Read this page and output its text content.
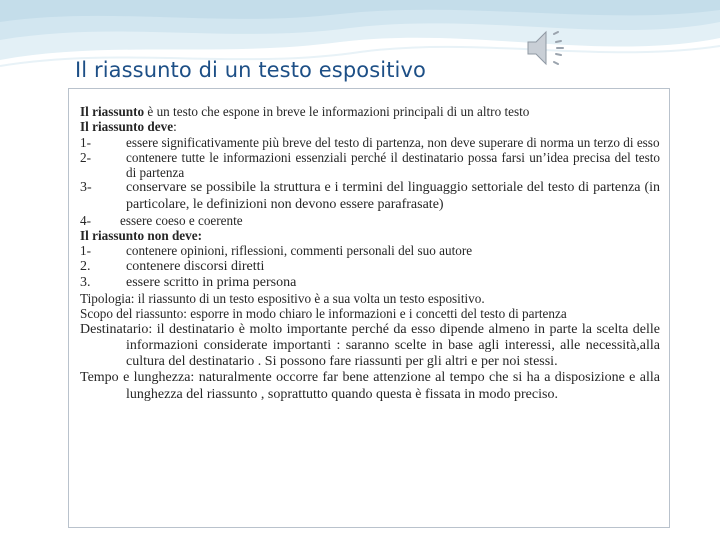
Il riassunto di un testo espositivo
Il riassunto è un testo che espone in breve le informazioni principali di un altro testo
Il riassunto deve:
1-	essere significativamente più breve del testo di partenza, non deve superare di norma un terzo di esso
2-	contenere tutte le informazioni essenziali perché il destinatario possa farsi un’idea precisa del testo di partenza
3- conservare se possibile la struttura e i termini del linguaggio settoriale del testo di partenza (in particolare, le definizioni non devono essere parafrasate)
4- essere coeso e coerente
Il riassunto non deve:
1-	contenere opinioni, riflessioni, commenti personali del suo autore
2.	contenere discorsi diretti
3.	essere scritto in prima persona
Tipologia: il riassunto di un testo espositivo è a sua volta un testo espositivo.
Scopo del riassunto: esporre in modo chiaro le informazioni e i concetti del testo di partenza
Destinatario: il destinatario è molto importante perché da esso dipende almeno in parte la scelta delle informazioni considerate importanti : saranno scelte in base agli interessi, alle necessità,alla cultura del destinatario . Si possono fare riassunti per gli altri e per noi stessi.
Tempo e lunghezza: naturalmente occorre far bene attenzione al tempo che si ha a disposizione e alla lunghezza del riassunto , soprattutto quando questa è fissata in modo preciso.
